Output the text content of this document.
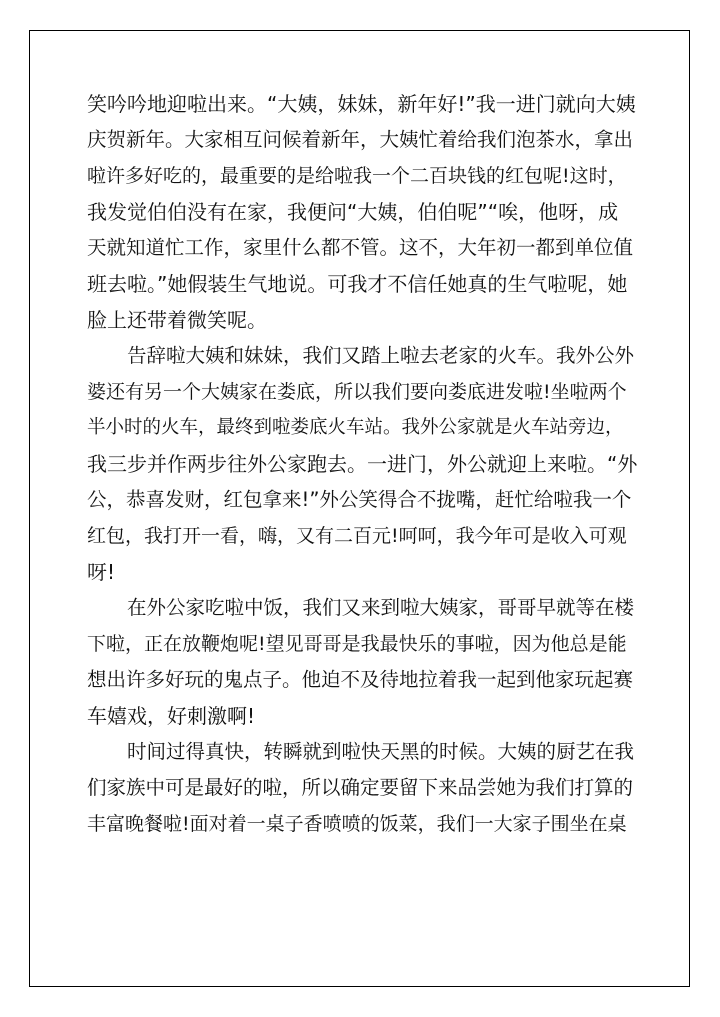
笑吟吟地迎啦出来。“大姨，妹妹，新年好!”我一进门就向大姨

庆贺新年。大家相互问候着新年，大姨忙着给我们泡茶水，拿出

啦许多好吃的，最重要的是给啦我一个二百块钱的红包呢!这时，

我发觉伯伯没有在家，我便问“大姨，伯伯呢”“唉，他呀，成

天就知道忙工作，家里什么都不管。这不，大年初一都到单位值

班去啦。”她假装生气地说。可我才不信任她真的生气啦呢，她

脸上还带着微笑呢。

告辞啦大姨和妹妹，我们又踏上啦去老家的火车。我外公外

婆还有另一个大姨家在娄底，所以我们要向娄底进发啦!坐啦两个

半小时的火车，最终到啦娄底火车站。我外公家就是火车站旁边，

我三步并作两步往外公家跑去。一进门，外公就迎上来啦。“外

公，恭喜发财，红包拿来!”外公笑得合不拢嘴，赶忙给啦我一个

红包，我打开一看，嗨，又有二百元!呵呵，我今年可是收入可观

呀!

在外公家吃啦中饭，我们又来到啦大姨家，哥哥早就等在楼

下啦，正在放鞭炮呢!望见哥哥是我最快乐的事啦，因为他总是能

想出许多好玩的鬼点子。他迫不及待地拉着我一起到他家玩起赛

车嬉戏，好刺激啊!

时间过得真快，转瞬就到啦快天黑的时候。大姨的厨艺在我

们家族中可是最好的啦，所以确定要留下来品尝她为我们打算的

丰富晚餐啦!面对着一桌子香喷喷的饭菜，我们一大家子围坐在桌
